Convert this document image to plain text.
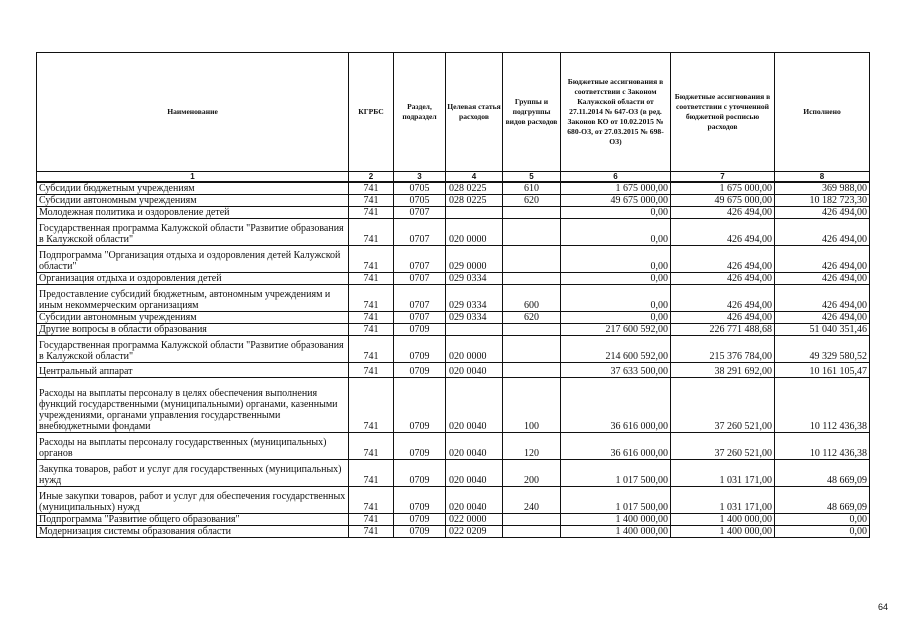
Наименование	КГРБС	Раздел, подраздел	Целевая статья расходов	Группы и подгруппы видов расходов	Бюджетные ассигнования в соответствии с Законом Калужской области от 27.11.2014 № 647-ОЗ (в ред. Законов КО от 10.02.2015 № 680-ОЗ, от 27.03.2015 № 698-ОЗ)	Бюджетные ассигнования в соответствии с уточненной бюджетной росписью расходов	Исполнено
1	2	3	4	5	6	7	8
Субсидии бюджетным учреждениям	741	0705	028 0225	610	1 675 000,00	1 675 000,00	369 988,00
Субсидии автономным учреждениям	741	0705	028 0225	620	49 675 000,00	49 675 000,00	10 182 723,30
Молодежная политика и оздоровление детей	741	0707			0,00	426 494,00	426 494,00
Государственная программа Калужской области "Развитие образования в Калужской области"	741	0707	020 0000		0,00	426 494,00	426 494,00
Подпрограмма "Организация отдыха и оздоровления детей Калужской области"	741	0707	029 0000		0,00	426 494,00	426 494,00
Организация отдыха и оздоровления детей	741	0707	029 0334		0,00	426 494,00	426 494,00
Предоставление субсидий бюджетным, автономным учреждениям и иным некоммерческим организациям	741	0707	029 0334	600	0,00	426 494,00	426 494,00
Субсидии автономным учреждениям	741	0707	029 0334	620	0,00	426 494,00	426 494,00
Другие вопросы в области образования	741	0709			217 600 592,00	226 771 488,68	51 040 351,46
Государственная программа Калужской области "Развитие образования в Калужской области"	741	0709	020 0000		214 600 592,00	215 376 784,00	49 329 580,52
Центральный аппарат	741	0709	020 0040		37 633 500,00	38 291 692,00	10 161 105,47
Расходы на выплаты персоналу в целях обеспечения выполнения функций государственными (муниципальными) органами, казенными учреждениями, органами управления государственными внебюджетными фондами	741	0709	020 0040	100	36 616 000,00	37 260 521,00	10 112 436,38
Расходы на выплаты персоналу государственных (муниципальных) органов	741	0709	020 0040	120	36 616 000,00	37 260 521,00	10 112 436,38
Закупка товаров, работ и услуг для государственных (муниципальных) нужд	741	0709	020 0040	200	1 017 500,00	1 031 171,00	48 669,09
Иные закупки товаров, работ и услуг для обеспечения государственных (муниципальных) нужд	741	0709	020 0040	240	1 017 500,00	1 031 171,00	48 669,09
Подпрограмма "Развитие общего образования"	741	0709	022 0000		1 400 000,00	1 400 000,00	0,00
Модернизация системы образования области	741	0709	022 0209		1 400 000,00	1 400 000,00	0,00
64
